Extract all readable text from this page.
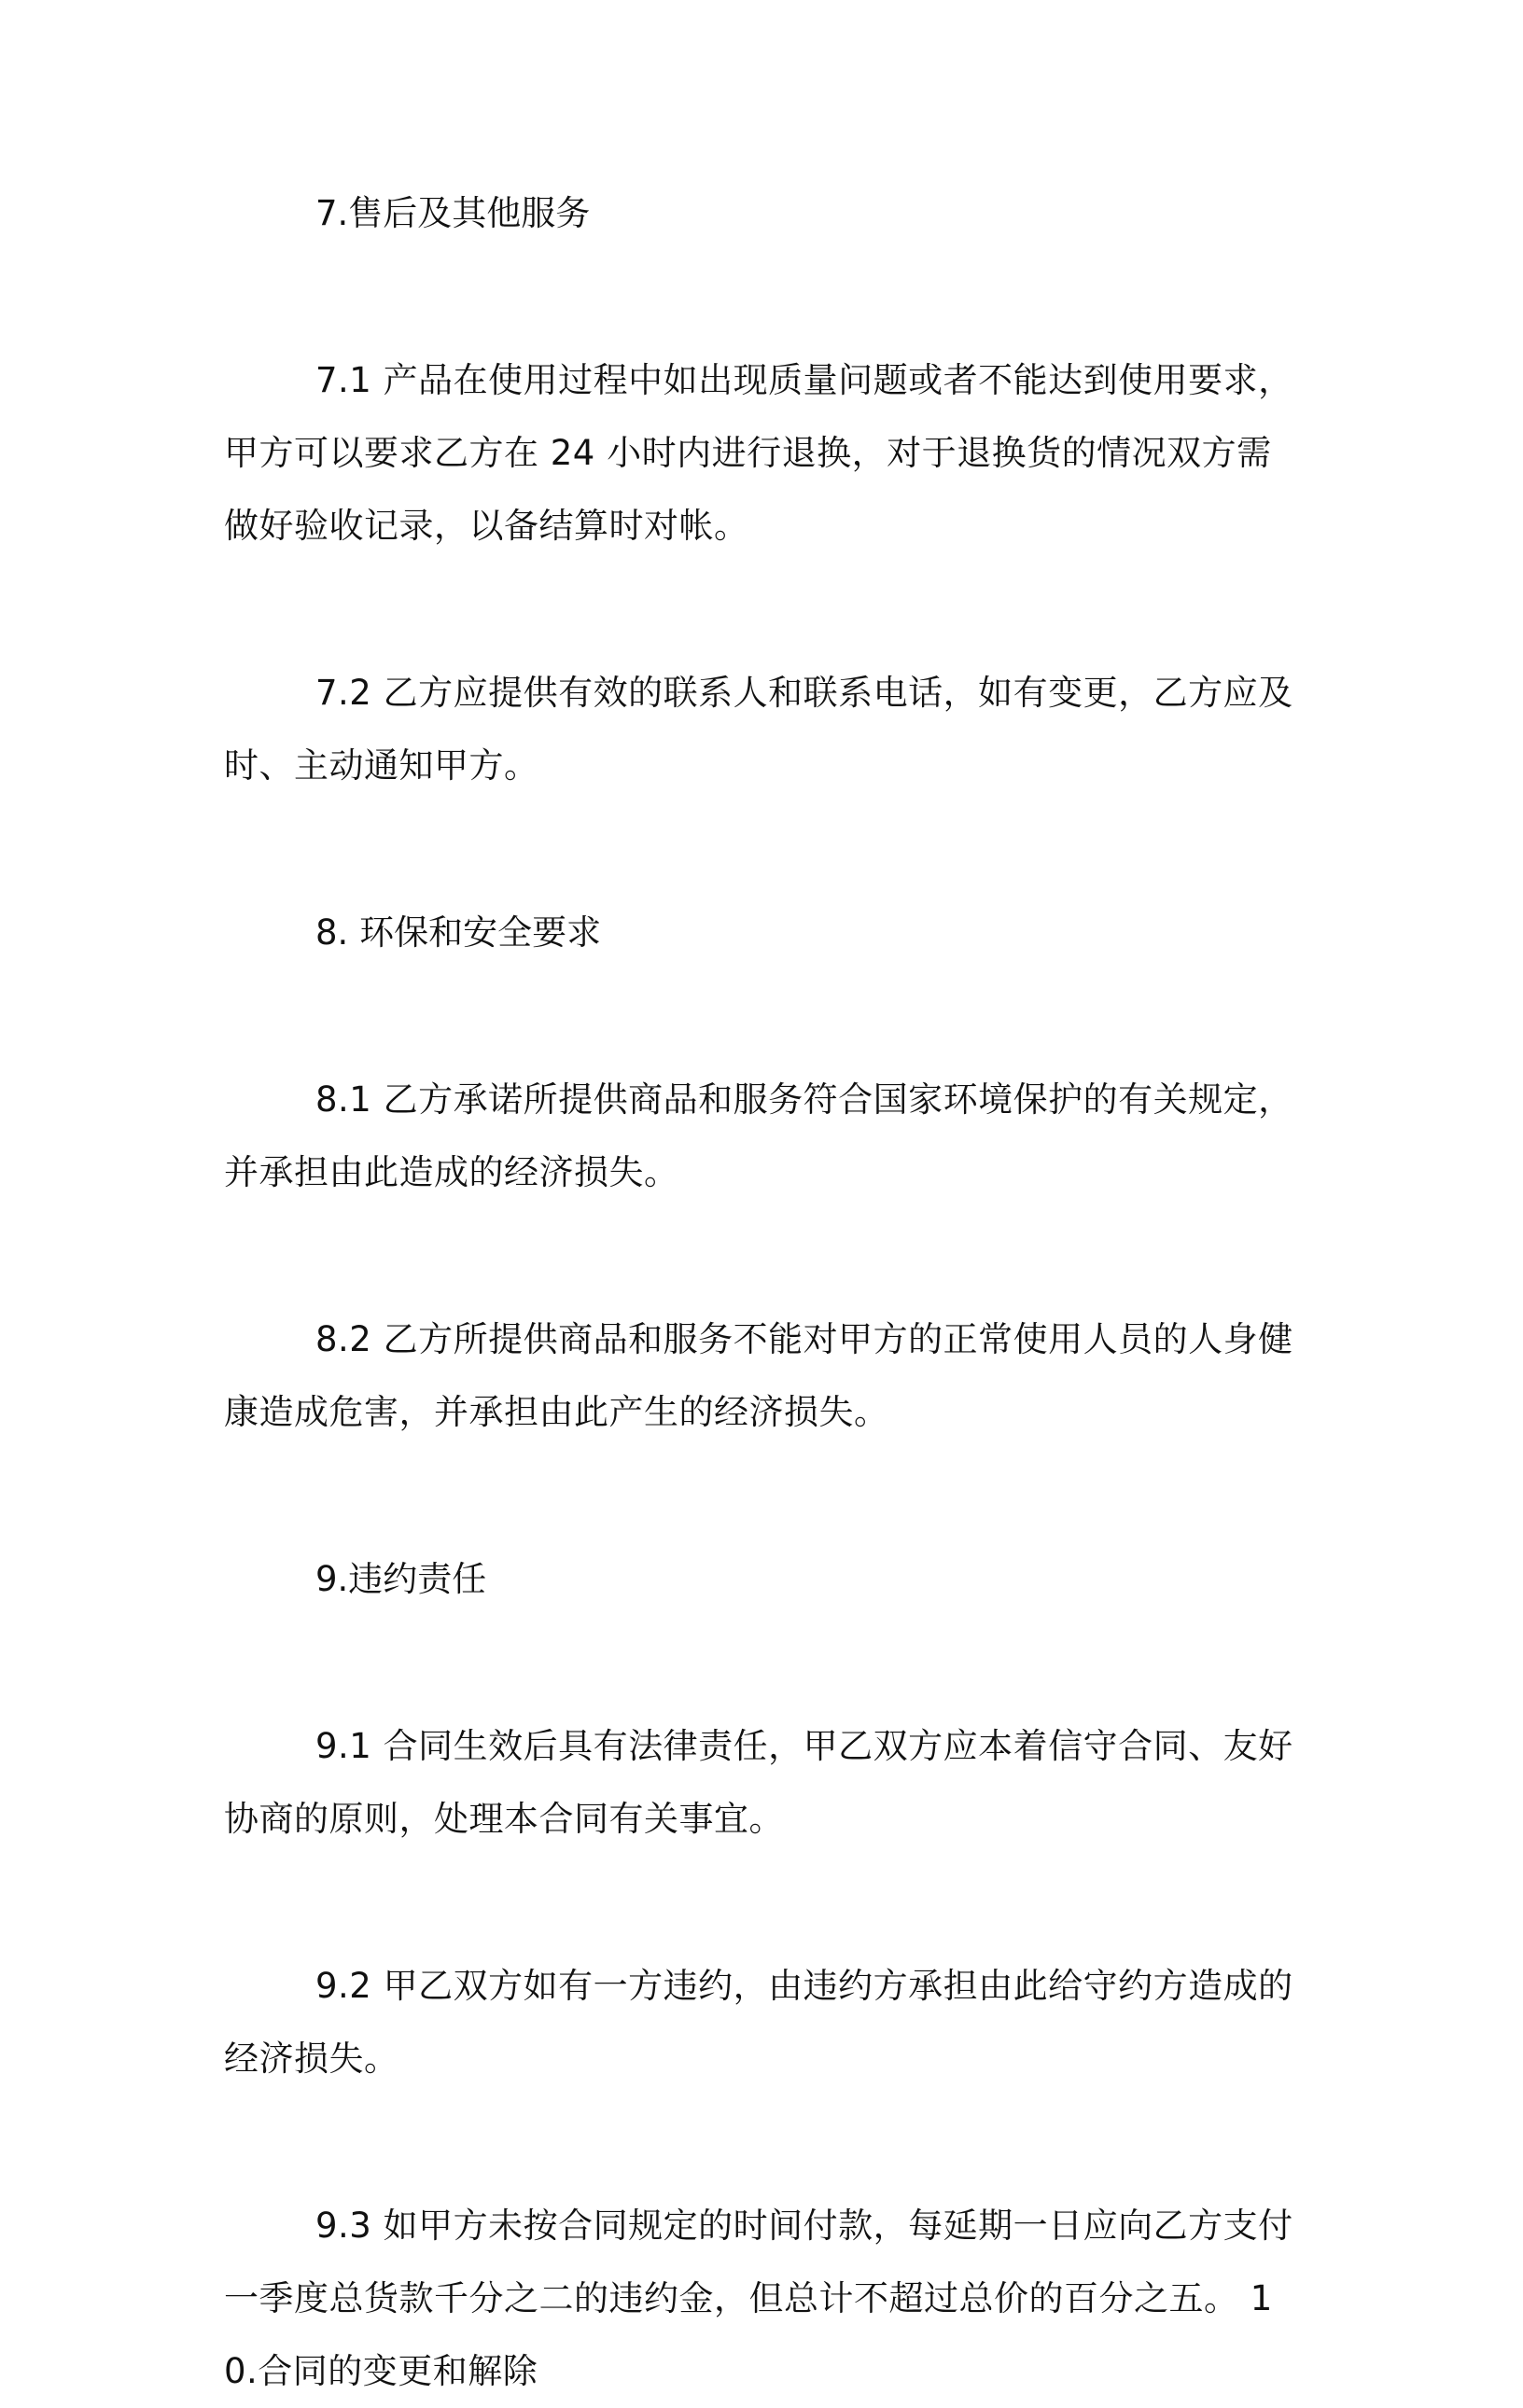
7.售后及其他服务

7.1 产品在使用过程中如出现质量问题或者不能达到使用要求，甲方可以要求乙方在 24 小时内进行退换，对于退换货的情况双方需做好验收记录，以备结算时对帐。

7.2 乙方应提供有效的联系人和联系电话，如有变更，乙方应及时、主动通知甲方。

8. 环保和安全要求

8.1 乙方承诺所提供商品和服务符合国家环境保护的有关规定，并承担由此造成的经济损失。

8.2 乙方所提供商品和服务不能对甲方的正常使用人员的人身健康造成危害，并承担由此产生的经济损失。

9.违约责任

9.1 合同生效后具有法律责任，甲乙双方应本着信守合同、友好协商的原则，处理本合同有关事宜。

9.2 甲乙双方如有一方违约，由违约方承担由此给守约方造成的经济损失。

9.3 如甲方未按合同规定的时间付款，每延期一日应向乙方支付一季度总货款千分之二的违约金，但总计不超过总价的百分之五。 10.合同的变更和解除
